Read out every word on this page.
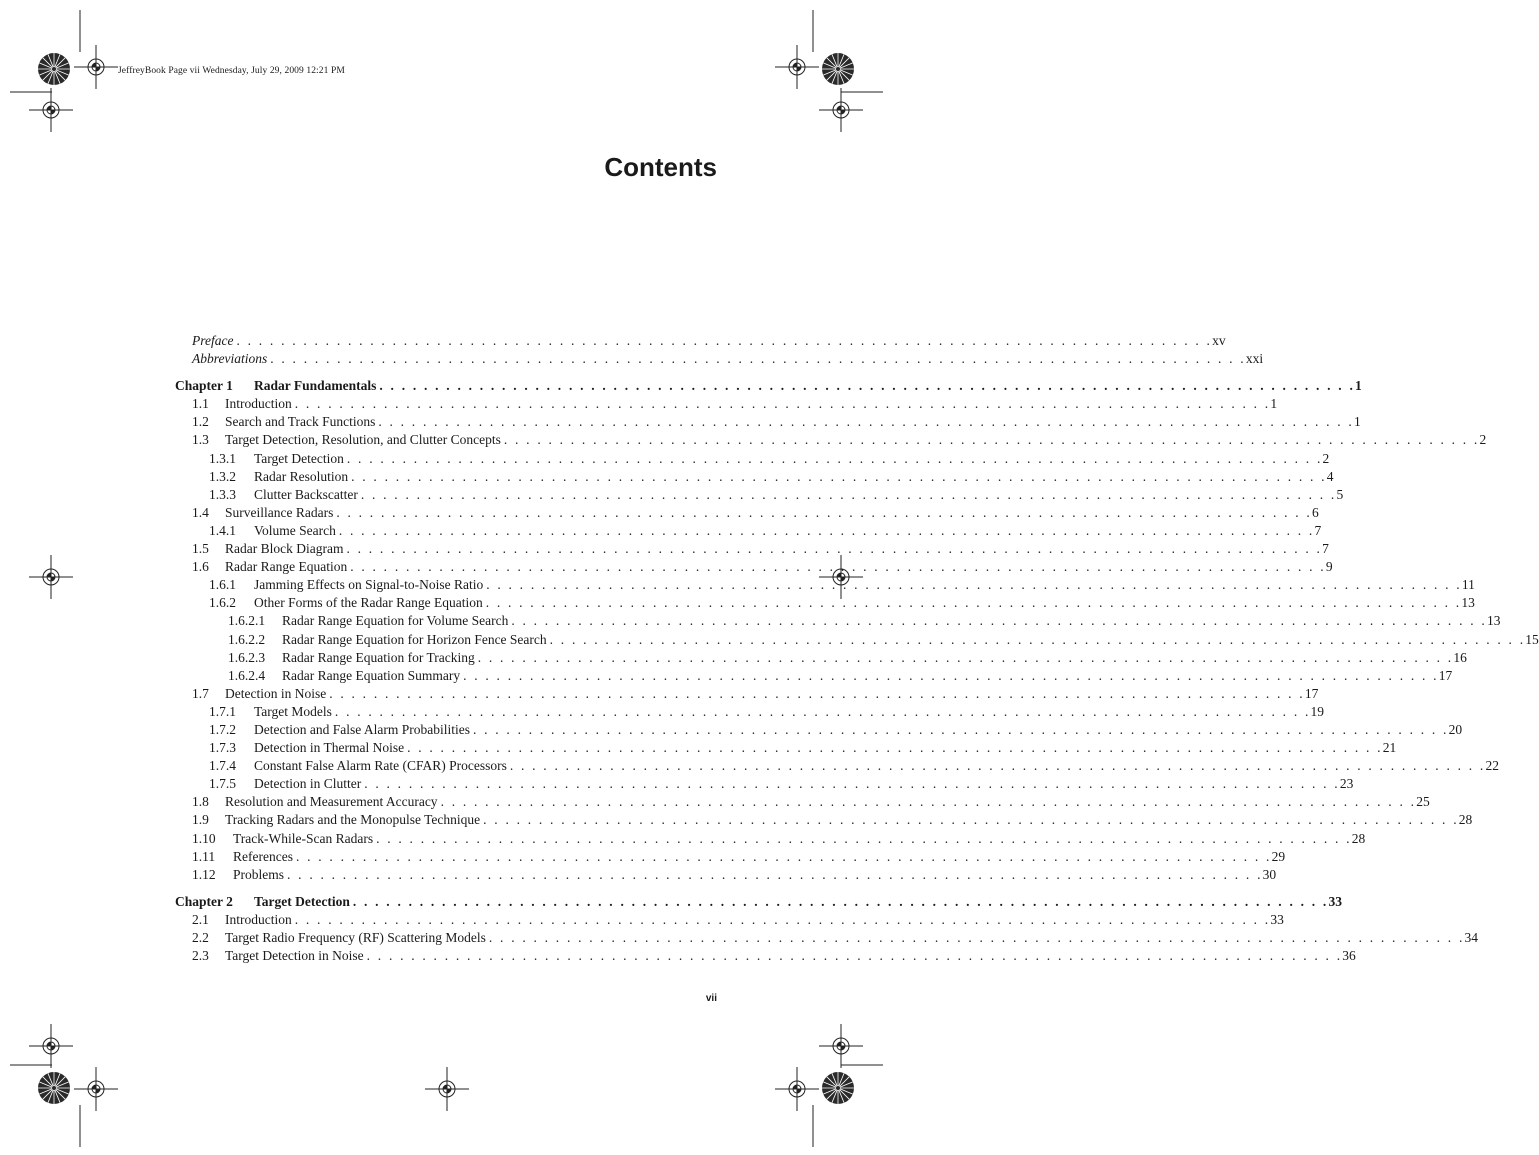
JeffreyBook Page vii Wednesday, July 29, 2009 12:21 PM
Contents
Preface . . . . . . . . . . . . . . . . . . . . . . . . . . . . . . . . . . . . . . . . . . . . . . . . . . . . . . . . . . . . . . . . . . . . . . . . . . . . . . . . . . . . . . . . xv
Abbreviations . . . . . . . . . . . . . . . . . . . . . . . . . . . . . . . . . . . . . . . . . . . . . . . . . . . . . . . . . . . . . . . . . . . . . . . . . . . . . . . . . . . . . . . . xxi
Chapter 1 Radar Fundamentals . . . . . . . . . . . . . . . . . . . . . . . . . . . . . . . . . . . . . . . . . . . . . . . . . . . . . . . . . . . . . . . . . . . . . . . . . . . . . . . . . . . . . . . . 1
1.1 Introduction . . . . . . . . . . . . . . . . . . . . . . . . . . . . . . . . . . . . . . . . . . . . . . . . . . . . . . . . . . . . . . . . . . . . . . . . . . . . . . . . . . . . . . . . 1
1.2 Search and Track Functions . . . . . . . . . . . . . . . . . . . . . . . . . . . . . . . . . . . . . . . . . . . . . . . . . . . . . . . . . . . . . . . . . . . . . . . . . . . . . . . . . . . . . . . . 1
1.3 Target Detection, Resolution, and Clutter Concepts . . . . . . . . . . . . . . . . . . . . . . . . . . . . . . . . . . . . . . . . . . . . . . . . . . . . . . . . . . . . . . . . . . . . . . . . . . . . . . . . . . . . . . . . 2
1.3.1 Target Detection . . . . . . . . . . . . . . . . . . . . . . . . . . . . . . . . . . . . . . . . . . . . . . . . . . . . . . . . . . . . . . . . . . . . . . . . . . . . . . . . . . . . . . . . 2
1.3.2 Radar Resolution . . . . . . . . . . . . . . . . . . . . . . . . . . . . . . . . . . . . . . . . . . . . . . . . . . . . . . . . . . . . . . . . . . . . . . . . . . . . . . . . . . . . . . . . 4
1.3.3 Clutter Backscatter . . . . . . . . . . . . . . . . . . . . . . . . . . . . . . . . . . . . . . . . . . . . . . . . . . . . . . . . . . . . . . . . . . . . . . . . . . . . . . . . . . . . . . . . 5
1.4 Surveillance Radars . . . . . . . . . . . . . . . . . . . . . . . . . . . . . . . . . . . . . . . . . . . . . . . . . . . . . . . . . . . . . . . . . . . . . . . . . . . . . . . . . . . . . . . . 6
1.4.1 Volume Search . . . . . . . . . . . . . . . . . . . . . . . . . . . . . . . . . . . . . . . . . . . . . . . . . . . . . . . . . . . . . . . . . . . . . . . . . . . . . . . . . . . . . . . . 7
1.5 Radar Block Diagram . . . . . . . . . . . . . . . . . . . . . . . . . . . . . . . . . . . . . . . . . . . . . . . . . . . . . . . . . . . . . . . . . . . . . . . . . . . . . . . . . . . . . . . . 7
1.6 Radar Range Equation . . . . . . . . . . . . . . . . . . . . . . . . . . . . . . . . . . . . . . . . . . . . . . . . . . . . . . . . . . . . . . . . . . . . . . . . . . . . . . . . . . . . . . . . 9
1.6.1 Jamming Effects on Signal-to-Noise Ratio . . . . . . . . . . . . . . . . . . . . . . . . . . . . . . . . . . . . . . . . . . . . . . . . . . . . . . . . . . . . . . . . . . . . . . . . . . . . . . . . . . . . . . . . 11
1.6.2 Other Forms of the Radar Range Equation . . . . . . . . . . . . . . . . . . . . . . . . . . . . . . . . . . . . . . . . . . . . . . . . . . . . . . . . . . . . . . . . . . . . . . . . . . . . . . . . . . . . . . . . 13
1.6.2.1 Radar Range Equation for Volume Search . . . . . . . . . . . . . . . . . . . . . . . . . . . . . . . . . . . . . . . . . . . . . . . . . . . . . . . . . . . . . . . . . . . . . . . . . . . . . . . . . . . . . . . . 13
1.6.2.2 Radar Range Equation for Horizon Fence Search . . . . . . . . . . . . . . . . . . . . . . . . . . . . . . . . . . . . . . . . . . . . . . . . . . . . . . . . . . . . . . . . . . . . . . . . . . . . . . . . . . . . . . . . 15
1.6.2.3 Radar Range Equation for Tracking . . . . . . . . . . . . . . . . . . . . . . . . . . . . . . . . . . . . . . . . . . . . . . . . . . . . . . . . . . . . . . . . . . . . . . . . . . . . . . . . . . . . . . . . 16
1.6.2.4 Radar Range Equation Summary . . . . . . . . . . . . . . . . . . . . . . . . . . . . . . . . . . . . . . . . . . . . . . . . . . . . . . . . . . . . . . . . . . . . . . . . . . . . . . . . . . . . . . . . 17
1.7 Detection in Noise . . . . . . . . . . . . . . . . . . . . . . . . . . . . . . . . . . . . . . . . . . . . . . . . . . . . . . . . . . . . . . . . . . . . . . . . . . . . . . . . . . . . . . . . 17
1.7.1 Target Models . . . . . . . . . . . . . . . . . . . . . . . . . . . . . . . . . . . . . . . . . . . . . . . . . . . . . . . . . . . . . . . . . . . . . . . . . . . . . . . . . . . . . . . . 19
1.7.2 Detection and False Alarm Probabilities . . . . . . . . . . . . . . . . . . . . . . . . . . . . . . . . . . . . . . . . . . . . . . . . . . . . . . . . . . . . . . . . . . . . . . . . . . . . . . . . . . . . . . . . 20
1.7.3 Detection in Thermal Noise . . . . . . . . . . . . . . . . . . . . . . . . . . . . . . . . . . . . . . . . . . . . . . . . . . . . . . . . . . . . . . . . . . . . . . . . . . . . . . . . . . . . . . . . 21
1.7.4 Constant False Alarm Rate (CFAR) Processors . . . . . . . . . . . . . . . . . . . . . . . . . . . . . . . . . . . . . . . . . . . . . . . . . . . . . . . . . . . . . . . . . . . . . . . . . . . . . . . . . . . . . . . . 22
1.7.5 Detection in Clutter . . . . . . . . . . . . . . . . . . . . . . . . . . . . . . . . . . . . . . . . . . . . . . . . . . . . . . . . . . . . . . . . . . . . . . . . . . . . . . . . . . . . . . . . 23
1.8 Resolution and Measurement Accuracy . . . . . . . . . . . . . . . . . . . . . . . . . . . . . . . . . . . . . . . . . . . . . . . . . . . . . . . . . . . . . . . . . . . . . . . . . . . . . . . . . . . . . . . . 25
1.9 Tracking Radars and the Monopulse Technique . . . . . . . . . . . . . . . . . . . . . . . . . . . . . . . . . . . . . . . . . . . . . . . . . . . . . . . . . . . . . . . . . . . . . . . . . . . . . . . . . . . . . . . . 28
1.10 Track-While-Scan Radars . . . . . . . . . . . . . . . . . . . . . . . . . . . . . . . . . . . . . . . . . . . . . . . . . . . . . . . . . . . . . . . . . . . . . . . . . . . . . . . . . . . . . . . . 28
1.11 References . . . . . . . . . . . . . . . . . . . . . . . . . . . . . . . . . . . . . . . . . . . . . . . . . . . . . . . . . . . . . . . . . . . . . . . . . . . . . . . . . . . . . . . . 29
1.12 Problems . . . . . . . . . . . . . . . . . . . . . . . . . . . . . . . . . . . . . . . . . . . . . . . . . . . . . . . . . . . . . . . . . . . . . . . . . . . . . . . . . . . . . . . . 30
Chapter 2 Target Detection . . . . . . . . . . . . . . . . . . . . . . . . . . . . . . . . . . . . . . . . . . . . . . . . . . . . . . . . . . . . . . . . . . . . . . . . . . . . . . . . . . . . . . . . 33
2.1 Introduction . . . . . . . . . . . . . . . . . . . . . . . . . . . . . . . . . . . . . . . . . . . . . . . . . . . . . . . . . . . . . . . . . . . . . . . . . . . . . . . . . . . . . . . . 33
2.2 Target Radio Frequency (RF) Scattering Models . . . . . . . . . . . . . . . . . . . . . . . . . . . . . . . . . . . . . . . . . . . . . . . . . . . . . . . . . . . . . . . . . . . . . . . . . . . . . . . . . . . . . . . . 34
2.3 Target Detection in Noise . . . . . . . . . . . . . . . . . . . . . . . . . . . . . . . . . . . . . . . . . . . . . . . . . . . . . . . . . . . . . . . . . . . . . . . . . . . . . . . . . . . . . . . . 36
vii
